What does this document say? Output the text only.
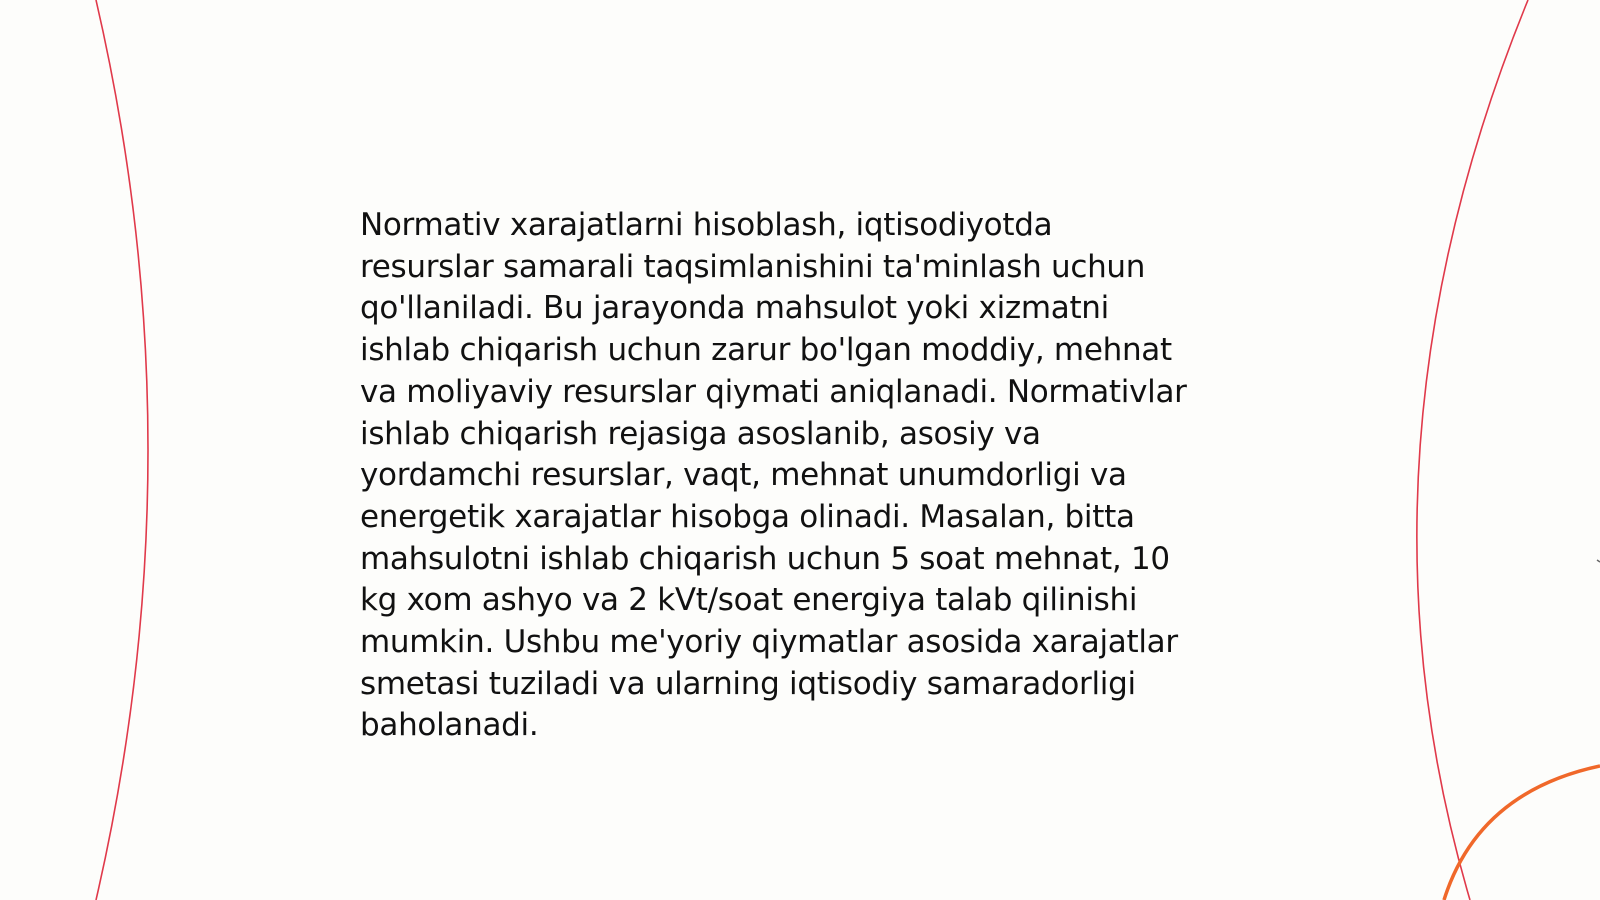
Normativ xarajatlarni hisoblash, iqtisodiyotda
resurslar samarali taqsimlanishini ta'minlash uchun
qo'llaniladi. Bu jarayonda mahsulot yoki xizmatni
ishlab chiqarish uchun zarur bo'lgan moddiy, mehnat
va moliyaviy resurslar qiymati aniqlanadi. Normativlar
ishlab chiqarish rejasiga asoslanib, asosiy va
yordamchi resurslar, vaqt, mehnat unumdorligi va
energetik xarajatlar hisobga olinadi. Masalan, bitta
mahsulotni ishlab chiqarish uchun 5 soat mehnat, 10
kg xom ashyo va 2 kVt/soat energiya talab qilinishi
mumkin. Ushbu me'yoriy qiymatlar asosida xarajatlar
smetasi tuziladi va ularning iqtisodiy samaradorligi
baholanadi.
